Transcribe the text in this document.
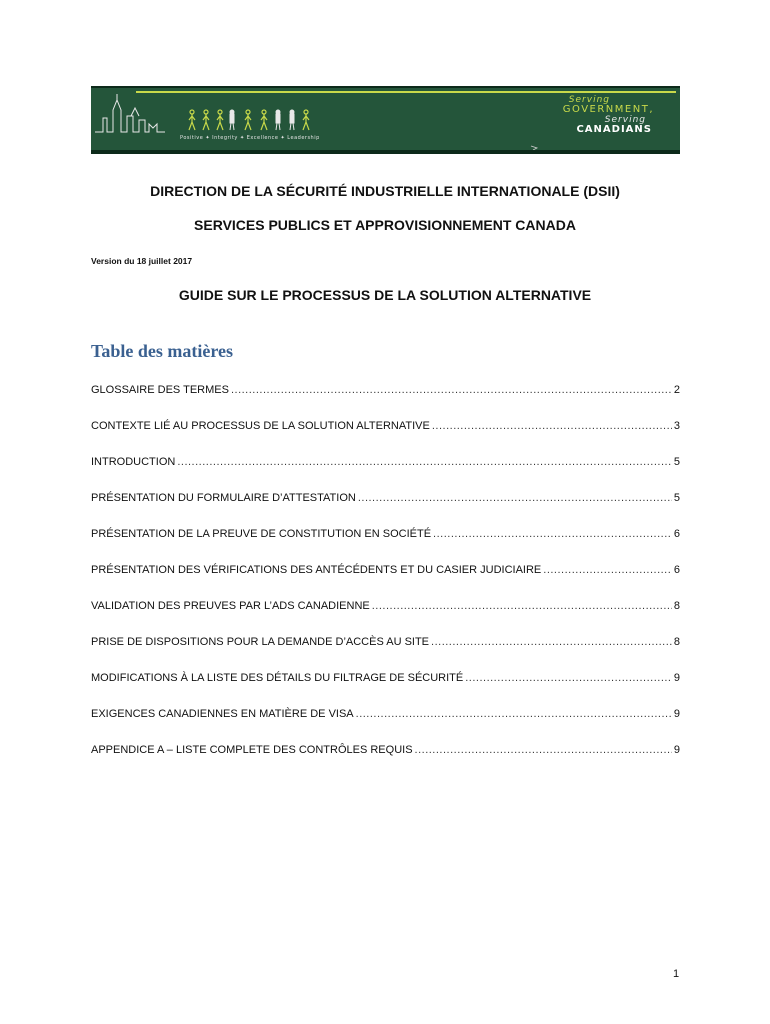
Positive ✦ Integrity ✦ Excellence ✦ Leadership
Serving
GOVERNMENT,
Serving
CANADIANS
DIRECTION DE LA SÉCURITÉ INDUSTRIELLE INTERNATIONALE (DSII)
SERVICES PUBLICS ET APPROVISIONNEMENT CANADA
Version du 18 juillet 2017
GUIDE SUR LE PROCESSUS DE LA SOLUTION ALTERNATIVE
Table des matières
GLOSSAIRE DES TERMES .....	2
CONTEXTE LIÉ AU PROCESSUS DE LA SOLUTION ALTERNATIVE .....	3
INTRODUCTION .....	5
PRÉSENTATION DU FORMULAIRE D’ATTESTATION .....	5
PRÉSENTATION DE LA PREUVE DE CONSTITUTION EN SOCIÉTÉ .....	6
PRÉSENTATION DES VÉRIFICATIONS DES ANTÉCÉDENTS ET DU CASIER JUDICIAIRE .....	6
VALIDATION DES PREUVES PAR L’ADS CANADIENNE .....	8
PRISE DE DISPOSITIONS POUR LA DEMANDE D’ACCÈS AU SITE .....	8
MODIFICATIONS À LA LISTE DES DÉTAILS DU FILTRAGE DE SÉCURITÉ .....	9
EXIGENCES CANADIENNES EN MATIÈRE DE VISA .....	9
APPENDICE A – LISTE COMPLETE DES CONTRÔLES REQUIS .....	9
1
